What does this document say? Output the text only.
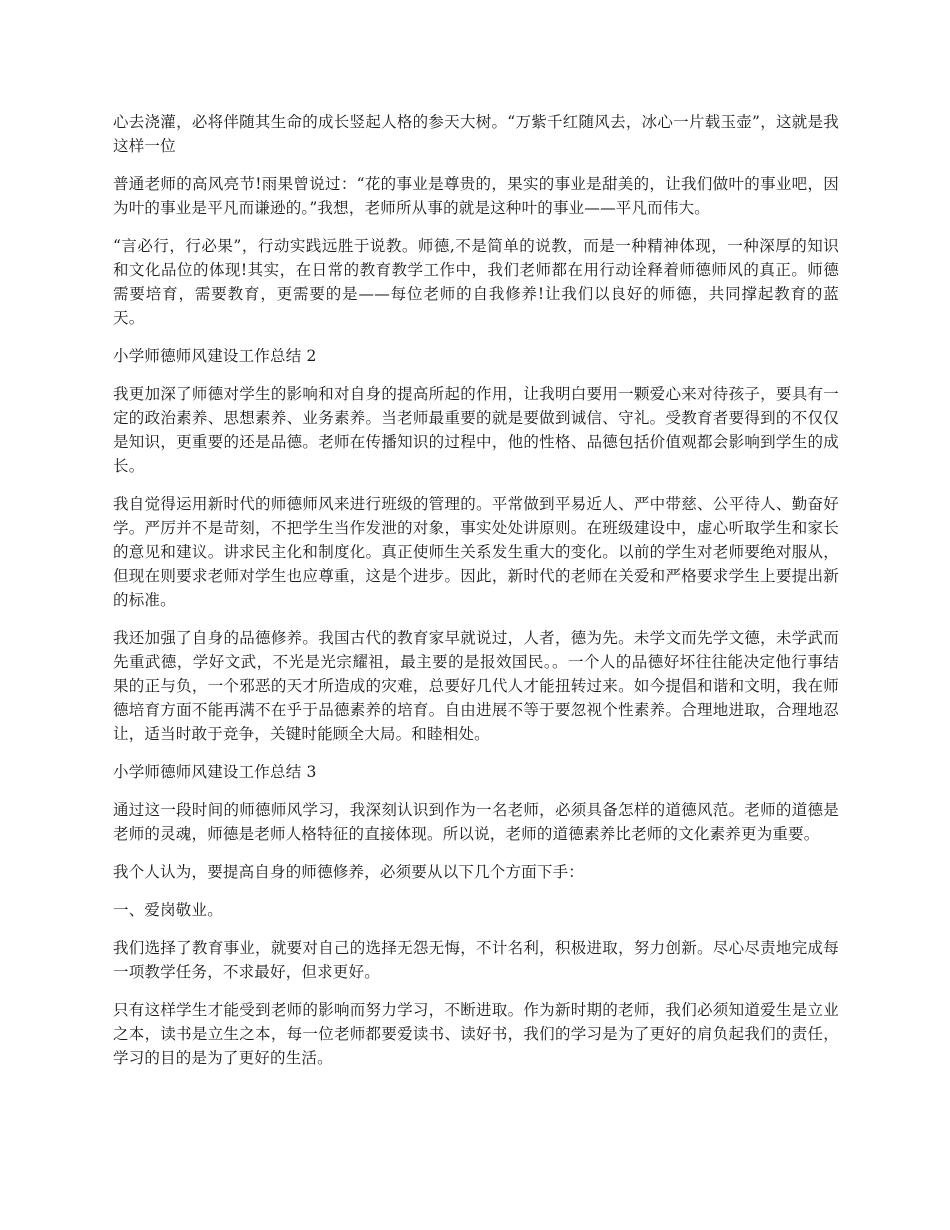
心去浇灌，必将伴随其生命的成长竖起人格的参天大树。“万紫千红随风去，冰心一片载玉壶”，这就是我这样一位

普通老师的高风亮节!雨果曾说过：“花的事业是尊贵的，果实的事业是甜美的，让我们做叶的事业吧，因为叶的事业是平凡而谦逊的。”我想，老师所从事的就是这种叶的事业——平凡而伟大。

“言必行，行必果”，行动实践远胜于说教。师德,不是简单的说教，而是一种精神体现，一种深厚的知识和文化品位的体现!其实，在日常的教育教学工作中，我们老师都在用行动诠释着师德师风的真正。师德需要培育，需要教育，更需要的是——每位老师的自我修养!让我们以良好的师德，共同撑起教育的蓝天。

小学师德师风建设工作总结 2

我更加深了师德对学生的影响和对自身的提高所起的作用，让我明白要用一颗爱心来对待孩子，要具有一定的政治素养、思想素养、业务素养。当老师最重要的就是要做到诚信、守礼。受教育者要得到的不仅仅是知识，更重要的还是品德。老师在传播知识的过程中，他的性格、品德包括价值观都会影响到学生的成长。

我自觉得运用新时代的师德师风来进行班级的管理的。平常做到平易近人、严中带慈、公平待人、勤奋好学。严厉并不是苛刻，不把学生当作发泄的对象，事实处处讲原则。在班级建设中，虚心听取学生和家长的意见和建议。讲求民主化和制度化。真正使师生关系发生重大的变化。以前的学生对老师要绝对服从，但现在则要求老师对学生也应尊重，这是个进步。因此，新时代的老师在关爱和严格要求学生上要提出新的标准。

我还加强了自身的品德修养。我国古代的教育家早就说过，人者，德为先。未学文而先学文德，未学武而先重武德，学好文武，不光是光宗耀祖，最主要的是报效国民。。一个人的品德好坏往往能决定他行事结果的正与负，一个邪恶的天才所造成的灾难，总要好几代人才能扭转过来。如今提倡和谐和文明，我在师德培育方面不能再满不在乎于品德素养的培育。自由进展不等于要忽视个性素养。合理地进取，合理地忍让，适当时敢于竞争，关键时能顾全大局。和睦相处。

小学师德师风建设工作总结 3

通过这一段时间的师德师风学习，我深刻认识到作为一名老师，必须具备怎样的道德风范。老师的道德是老师的灵魂，师德是老师人格特征的直接体现。所以说，老师的道德素养比老师的文化素养更为重要。

我个人认为，要提高自身的师德修养，必须要从以下几个方面下手：

一、爱岗敬业。

我们选择了教育事业，就要对自己的选择无怨无悔，不计名利，积极进取，努力创新。尽心尽责地完成每一项教学任务，不求最好，但求更好。

只有这样学生才能受到老师的影响而努力学习，不断进取。作为新时期的老师，我们必须知道爱生是立业之本，读书是立生之本，每一位老师都要爱读书、读好书，我们的学习是为了更好的肩负起我们的责任，学习的目的是为了更好的生活。
